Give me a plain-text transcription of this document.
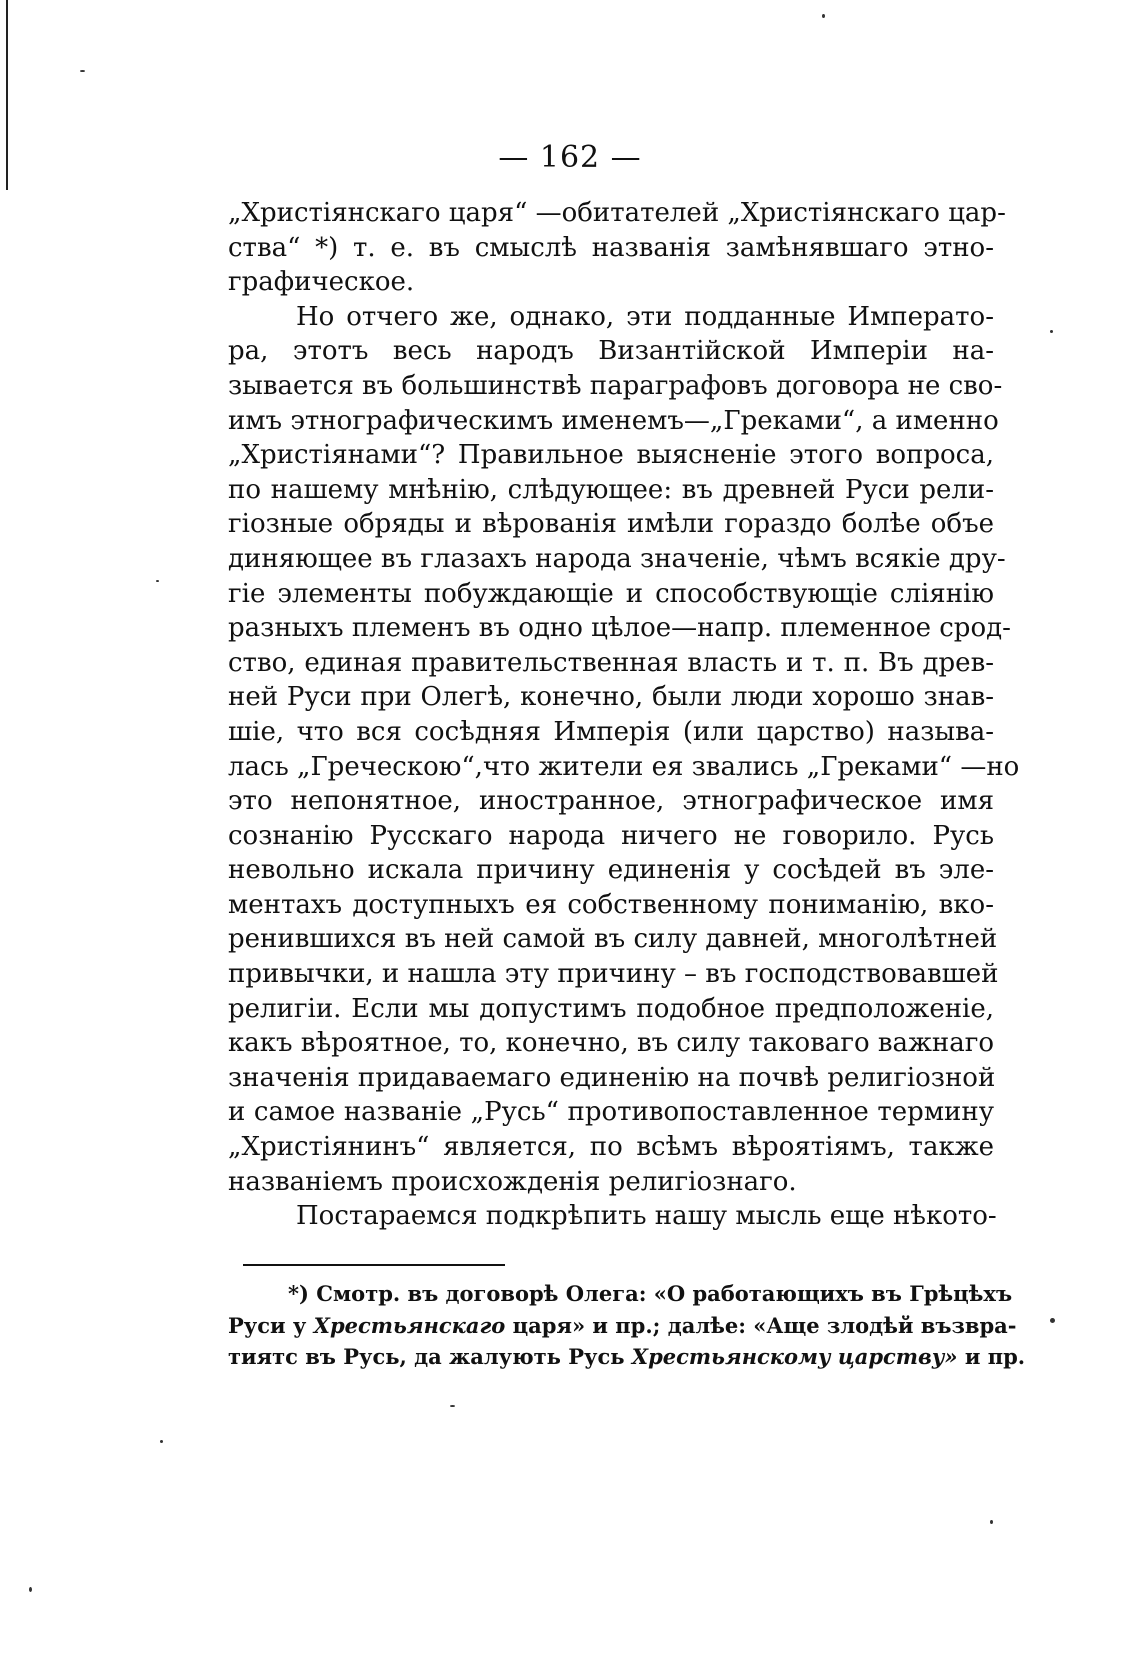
— 162 —
„Христіянскаго царя“ —обитателей „Христіянскаго цар-
ства“ *) т. е. въ смыслѣ названія замѣнявшаго этно-
графическое.
Но отчего же, однако, эти подданные Императо-
ра, этотъ весь народъ Византійской Имперіи на-
зывается въ большинствѣ параграфовъ договора не сво-
имъ этнографическимъ именемъ—„Греками“, а именно
„Христіянами“? Правильное выясненіе этого вопроса,
по нашему мнѣнію, слѣдующее: въ древней Руси рели-
гіозные обряды и вѣрованія имѣли гораздо болѣе объе
диняющее въ глазахъ народа значеніе, чѣмъ всякіе дру-
гіе элементы побуждающіе и способствующіе сліянію
разныхъ племенъ въ одно цѣлое—напр. племенное срод-
ство, единая правительственная власть и т. п. Въ древ-
ней Руси при Олегѣ, конечно, были люди хорошо знав-
шіе, что вся сосѣдняя Имперія (или царство) называ-
лась „Греческою“,что жители ея звались „Греками“ —но
это непонятное, иностранное, этнографическое имя
сознанію Русскаго народа ничего не говорило. Русь
невольно искала причину единенія у сосѣдей въ эле-
ментахъ доступныхъ ея собственному пониманію, вко-
ренившихся въ ней самой въ силу давней, многолѣтней
привычки, и нашла эту причину – въ господствовавшей
религіи. Если мы допустимъ подобное предположеніе,
какъ вѣроятное, то, конечно, въ силу таковаго важнаго
значенія придаваемаго единенію на почвѣ религіозной
и самое названіе „Русь“ противопоставленное термину
„Христіянинъ“ является, по всѣмъ вѣроятіямъ, также
названіемъ происхожденія религіознаго.
Постараемся подкрѣпить нашу мысль еще нѣкото-
*) Смотр. въ договорѣ Олега: «О работающихъ въ Грѣцѣхъ
Руси у Хрестьянскаго царя» и пр.; далѣе: «Аще злодѣй възвра-
тиятс въ Русь, да жалують Русь Хрестьянскому царству» и пр.
